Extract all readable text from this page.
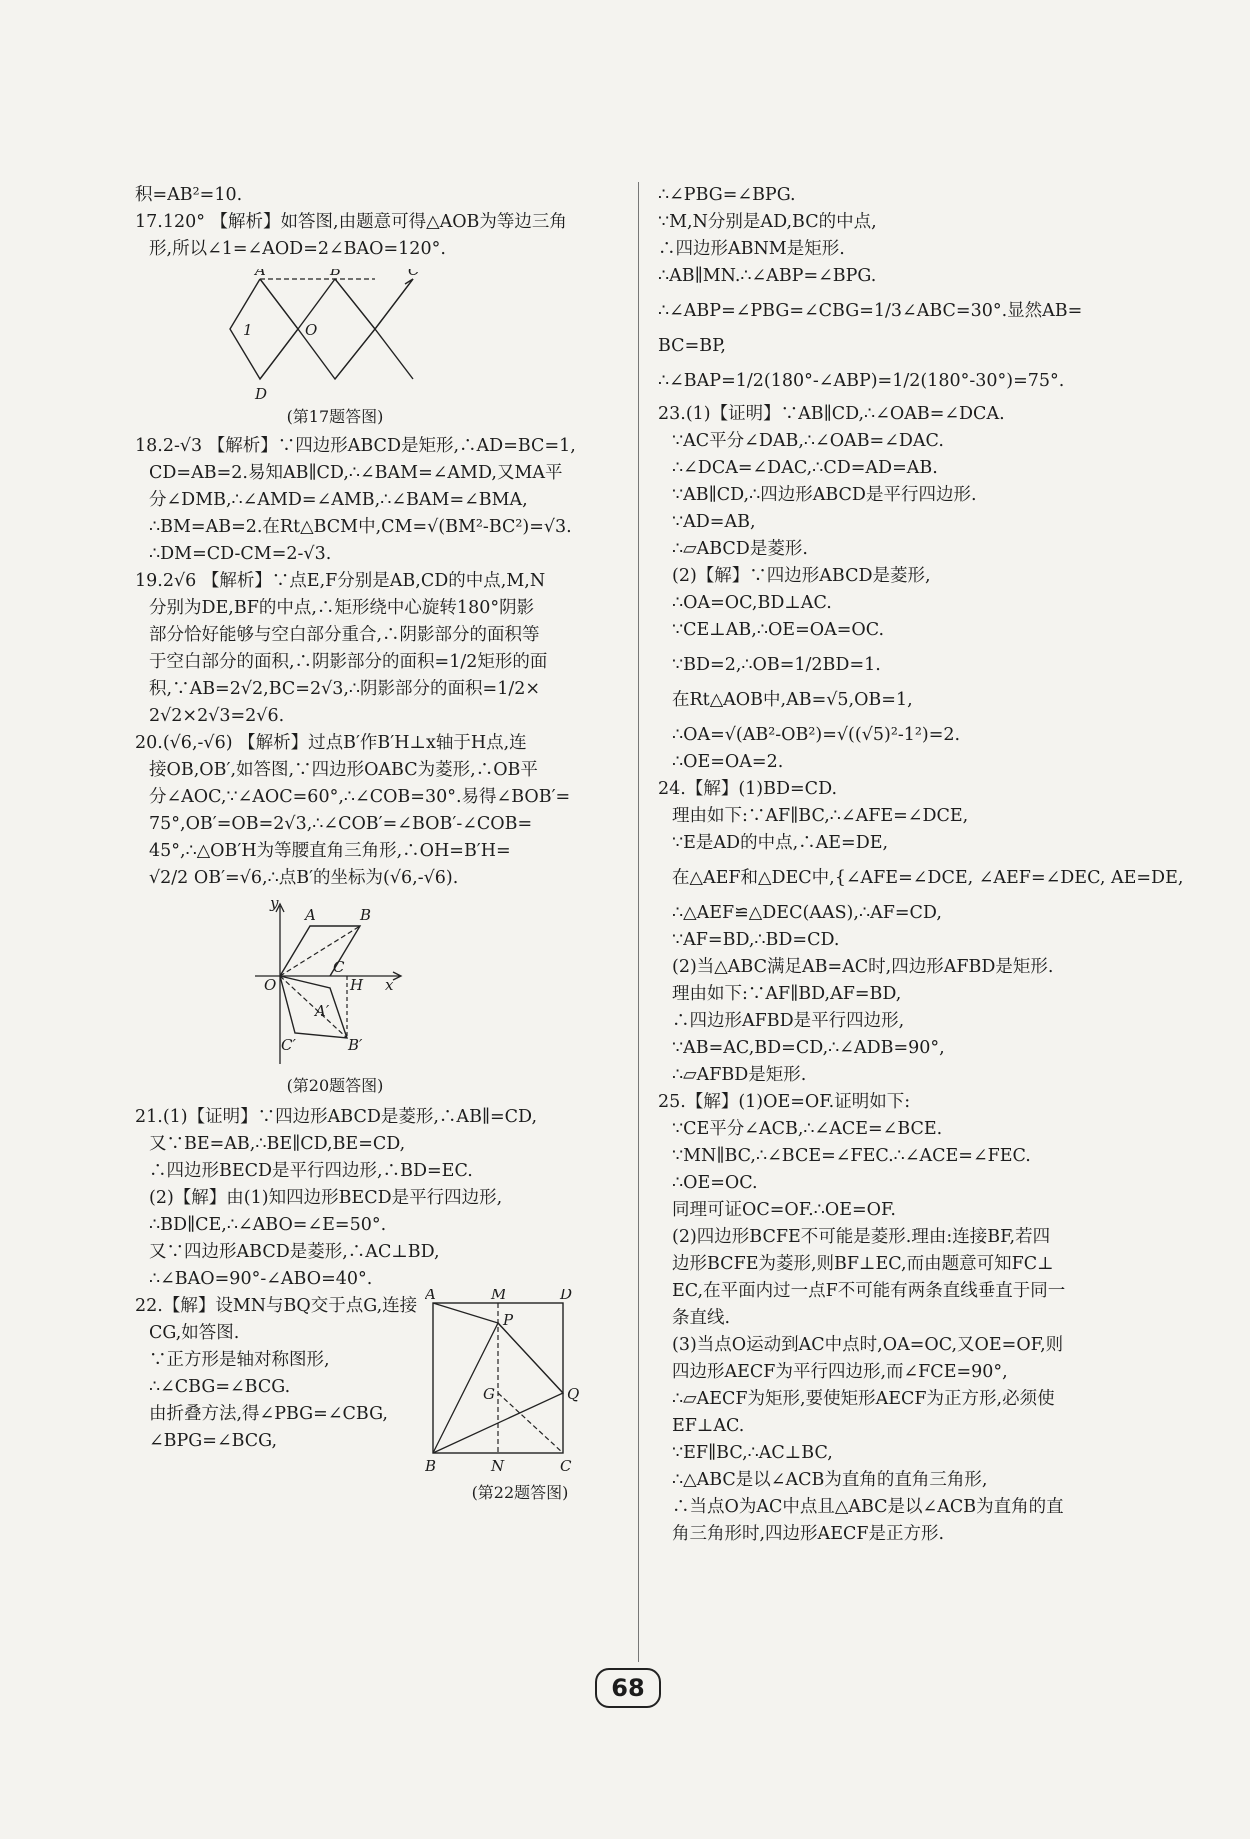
积=AB²=10.
17.120° 【解析】如答图,由题意可得△AOB为等边三角
形,所以∠1=∠AOD=2∠BAO=120°.
A	B	C
D
O
1
(第17题答图)
18.2-√3 【解析】∵四边形ABCD是矩形,∴AD=BC=1,
CD=AB=2.易知AB∥CD,∴∠BAM=∠AMD,又MA平
分∠DMB,∴∠AMD=∠AMB,∴∠BAM=∠BMA,
∴BM=AB=2.在Rt△BCM中,CM=√(BM²-BC²)=√3.
∴DM=CD-CM=2-√3.
19.2√6 【解析】∵点E,F分别是AB,CD的中点,M,N
分别为DE,BF的中点,∴矩形绕中心旋转180°阴影
部分恰好能够与空白部分重合,∴阴影部分的面积等
于空白部分的面积,∴阴影部分的面积=1/2矩形的面
积,∵AB=2√2,BC=2√3,∴阴影部分的面积=1/2×
2√2×2√3=2√6.
20.(√6,-√6) 【解析】过点B′作B′H⊥x轴于H点,连
接OB,OB′,如答图,∵四边形OABC为菱形,∴OB平
分∠AOC,∵∠AOC=60°,∴∠COB=30°.易得∠BOB′=
75°,OB′=OB=2√3,∴∠COB′=∠BOB′-∠COB=
45°,∴△OB′H为等腰直角三角形,∴OH=B′H=
√2/2 OB′=√6,∴点B′的坐标为(√6,-√6).
y
x
O
A	B
C
H
A′
C′	B′
(第20题答图)
21.(1)【证明】∵四边形ABCD是菱形,∴AB∥=CD,
又∵BE=AB,∴BE∥CD,BE=CD,
∴四边形BECD是平行四边形,∴BD=EC.
(2)【解】由(1)知四边形BECD是平行四边形,
∴BD∥CE,∴∠ABO=∠E=50°.
又∵四边形ABCD是菱形,∴AC⊥BD,
∴∠BAO=90°-∠ABO=40°.
22.【解】设MN与BQ交于点G,连接
CG,如答图.
∵正方形是轴对称图形,
∴∠CBG=∠BCG.
由折叠方法,得∠PBG=∠CBG,
∠BPG=∠BCG,
A	M	D
P
Q
G
B	N	C
(第22题答图)
∴∠PBG=∠BPG.
∵M,N分别是AD,BC的中点,
∴四边形ABNM是矩形.
∴AB∥MN.∴∠ABP=∠BPG.
∴∠ABP=∠PBG=∠CBG=1/3∠ABC=30°.显然AB=
BC=BP,
∴∠BAP=1/2(180°-∠ABP)=1/2(180°-30°)=75°.
23.(1)【证明】∵AB∥CD,∴∠OAB=∠DCA.
∵AC平分∠DAB,∴∠OAB=∠DAC.
∴∠DCA=∠DAC,∴CD=AD=AB.
∵AB∥CD,∴四边形ABCD是平行四边形.
∵AD=AB,
∴▱ABCD是菱形.
(2)【解】∵四边形ABCD是菱形,
∴OA=OC,BD⊥AC.
∵CE⊥AB,∴OE=OA=OC.
∵BD=2,∴OB=1/2BD=1.
在Rt△AOB中,AB=√5,OB=1,
∴OA=√(AB²-OB²)=√((√5)²-1²)=2.
∴OE=OA=2.
24.【解】(1)BD=CD.
理由如下:∵AF∥BC,∴∠AFE=∠DCE,
∵E是AD的中点,∴AE=DE,
在△AEF和△DEC中,{∠AFE=∠DCE, ∠AEF=∠DEC, AE=DE,
∴△AEF≌△DEC(AAS),∴AF=CD,
∵AF=BD,∴BD=CD.
(2)当△ABC满足AB=AC时,四边形AFBD是矩形.
理由如下:∵AF∥BD,AF=BD,
∴四边形AFBD是平行四边形,
∵AB=AC,BD=CD,∴∠ADB=90°,
∴▱AFBD是矩形.
25.【解】(1)OE=OF.证明如下:
∵CE平分∠ACB,∴∠ACE=∠BCE.
∵MN∥BC,∴∠BCE=∠FEC.∴∠ACE=∠FEC.
∴OE=OC.
同理可证OC=OF.∴OE=OF.
(2)四边形BCFE不可能是菱形.理由:连接BF,若四
边形BCFE为菱形,则BF⊥EC,而由题意可知FC⊥
EC,在平面内过一点F不可能有两条直线垂直于同一
条直线.
(3)当点O运动到AC中点时,OA=OC,又OE=OF,则
四边形AECF为平行四边形,而∠FCE=90°,
∴▱AECF为矩形,要使矩形AECF为正方形,必须使
EF⊥AC.
∵EF∥BC,∴AC⊥BC,
∴△ABC是以∠ACB为直角的直角三角形,
∴当点O为AC中点且△ABC是以∠ACB为直角的直
角三角形时,四边形AECF是正方形.
68
